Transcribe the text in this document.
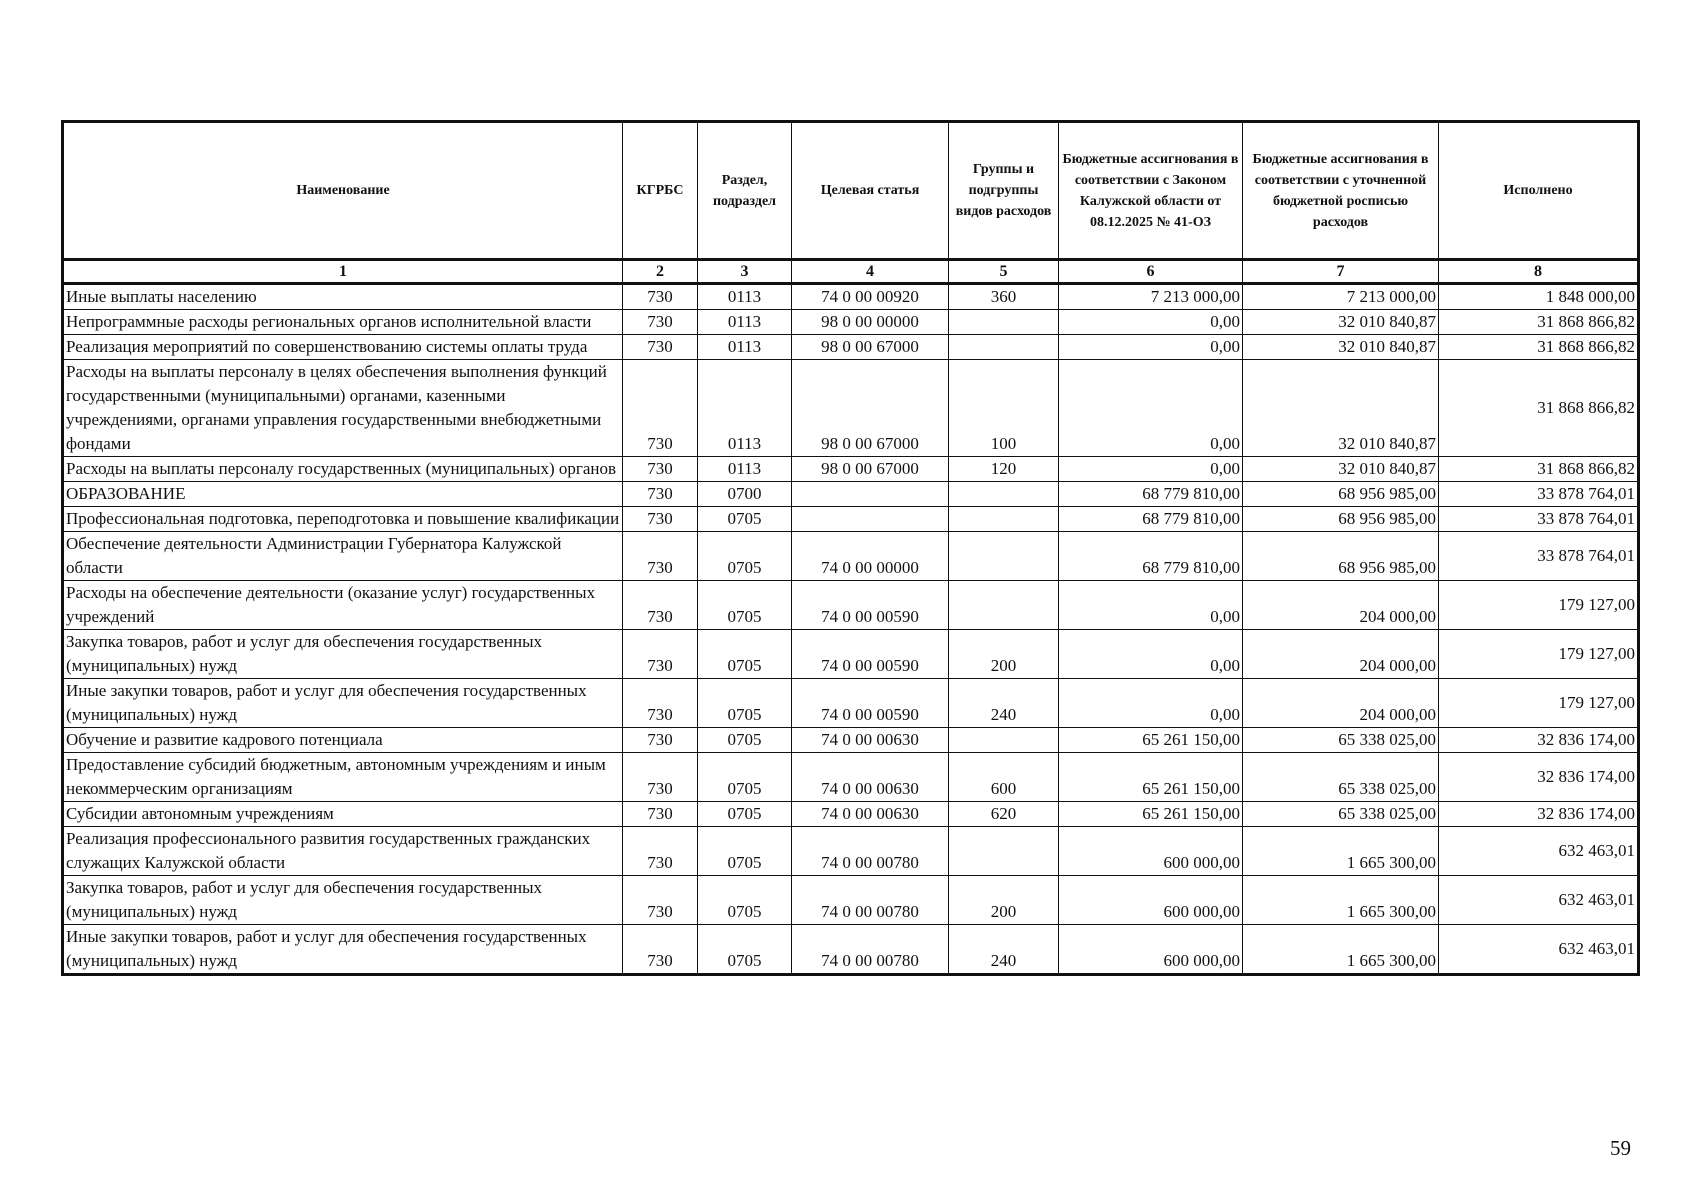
Наименование	КГРБС	Раздел, подраздел	Целевая статья	Группы и подгруппы видов расходов	Бюджетные ассигнования в соответствии с Законом Калужской области от 08.12.2025 № 41-ОЗ	Бюджетные ассигнования в соответствии с уточненной бюджетной росписью расходов	Исполнено
1	2	3	4	5	6	7	8
Иные выплаты населению	730	0113	74 0 00 00920	360	7 213 000,00	7 213 000,00	1 848 000,00
Непрограммные расходы региональных органов исполнительной власти	730	0113	98 0 00 00000		0,00	32 010 840,87	31 868 866,82
Реализация мероприятий по совершенствованию системы оплаты труда	730	0113	98 0 00 67000		0,00	32 010 840,87	31 868 866,82
Расходы на выплаты персоналу в целях обеспечения выполнения функций государственными (муниципальными) органами, казенными учреждениями, органами управления государственными внебюджетными фондами	730	0113	98 0 00 67000	100	0,00	32 010 840,87	31 868 866,82
Расходы на выплаты персоналу государственных (муниципальных) органов	730	0113	98 0 00 67000	120	0,00	32 010 840,87	31 868 866,82
ОБРАЗОВАНИЕ	730	0700			68 779 810,00	68 956 985,00	33 878 764,01
Профессиональная подготовка, переподготовка и повышение квалификации	730	0705			68 779 810,00	68 956 985,00	33 878 764,01
Обеспечение деятельности Администрации Губернатора Калужской области	730	0705	74 0 00 00000		68 779 810,00	68 956 985,00	33 878 764,01
Расходы на обеспечение деятельности (оказание услуг) государственных учреждений	730	0705	74 0 00 00590		0,00	204 000,00	179 127,00
Закупка товаров, работ и услуг для обеспечения государственных (муниципальных) нужд	730	0705	74 0 00 00590	200	0,00	204 000,00	179 127,00
Иные закупки товаров, работ и услуг для обеспечения государственных (муниципальных) нужд	730	0705	74 0 00 00590	240	0,00	204 000,00	179 127,00
Обучение и развитие кадрового потенциала	730	0705	74 0 00 00630		65 261 150,00	65 338 025,00	32 836 174,00
Предоставление субсидий бюджетным, автономным учреждениям и иным некоммерческим организациям	730	0705	74 0 00 00630	600	65 261 150,00	65 338 025,00	32 836 174,00
Субсидии автономным учреждениям	730	0705	74 0 00 00630	620	65 261 150,00	65 338 025,00	32 836 174,00
Реализация профессионального развития государственных гражданских служащих Калужской области	730	0705	74 0 00 00780		600 000,00	1 665 300,00	632 463,01
Закупка товаров, работ и услуг для обеспечения государственных (муниципальных) нужд	730	0705	74 0 00 00780	200	600 000,00	1 665 300,00	632 463,01
Иные закупки товаров, работ и услуг для обеспечения государственных (муниципальных) нужд	730	0705	74 0 00 00780	240	600 000,00	1 665 300,00	632 463,01
59
